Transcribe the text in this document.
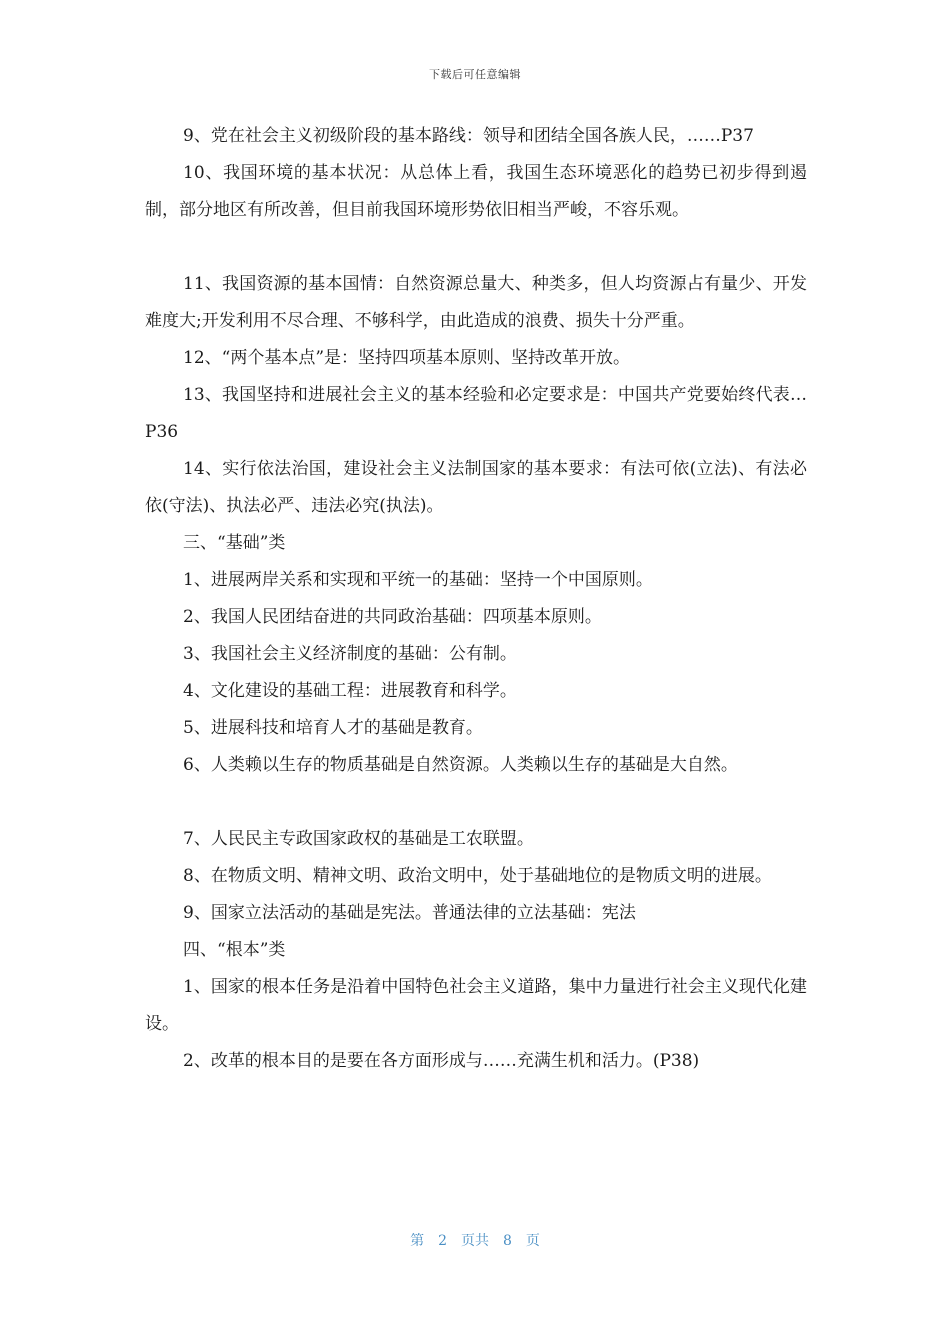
下载后可任意编辑

9、党在社会主义初级阶段的基本路线：领导和团结全国各族人民，……P37

10、我国环境的基本状况：从总体上看，我国生态环境恶化的趋势已初步得到遏制，部分地区有所改善，但目前我国环境形势依旧相当严峻，不容乐观。

11、我国资源的基本国情：自然资源总量大、种类多，但人均资源占有量少、开发难度大;开发利用不尽合理、不够科学，由此造成的浪费、损失十分严重。

12、“两个基本点”是：坚持四项基本原则、坚持改革开放。

13、我国坚持和进展社会主义的基本经验和必定要求是：中国共产党要始终代表…P36

14、实行依法治国，建设社会主义法制国家的基本要求：有法可依(立法)、有法必依(守法)、执法必严、违法必究(执法)。

三、“基础”类

1、进展两岸关系和实现和平统一的基础：坚持一个中国原则。

2、我国人民团结奋进的共同政治基础：四项基本原则。

3、我国社会主义经济制度的基础：公有制。

4、文化建设的基础工程：进展教育和科学。

5、进展科技和培育人才的基础是教育。

6、人类赖以生存的物质基础是自然资源。人类赖以生存的基础是大自然。

7、人民民主专政国家政权的基础是工农联盟。

8、在物质文明、精神文明、政治文明中，处于基础地位的是物质文明的进展。

9、国家立法活动的基础是宪法。普通法律的立法基础：宪法

四、“根本”类

1、国家的根本任务是沿着中国特色社会主义道路，集中力量进行社会主义现代化建设。

2、改革的根本目的是要在各方面形成与……充满生机和活力。(P38)

第 2 页共 8 页
